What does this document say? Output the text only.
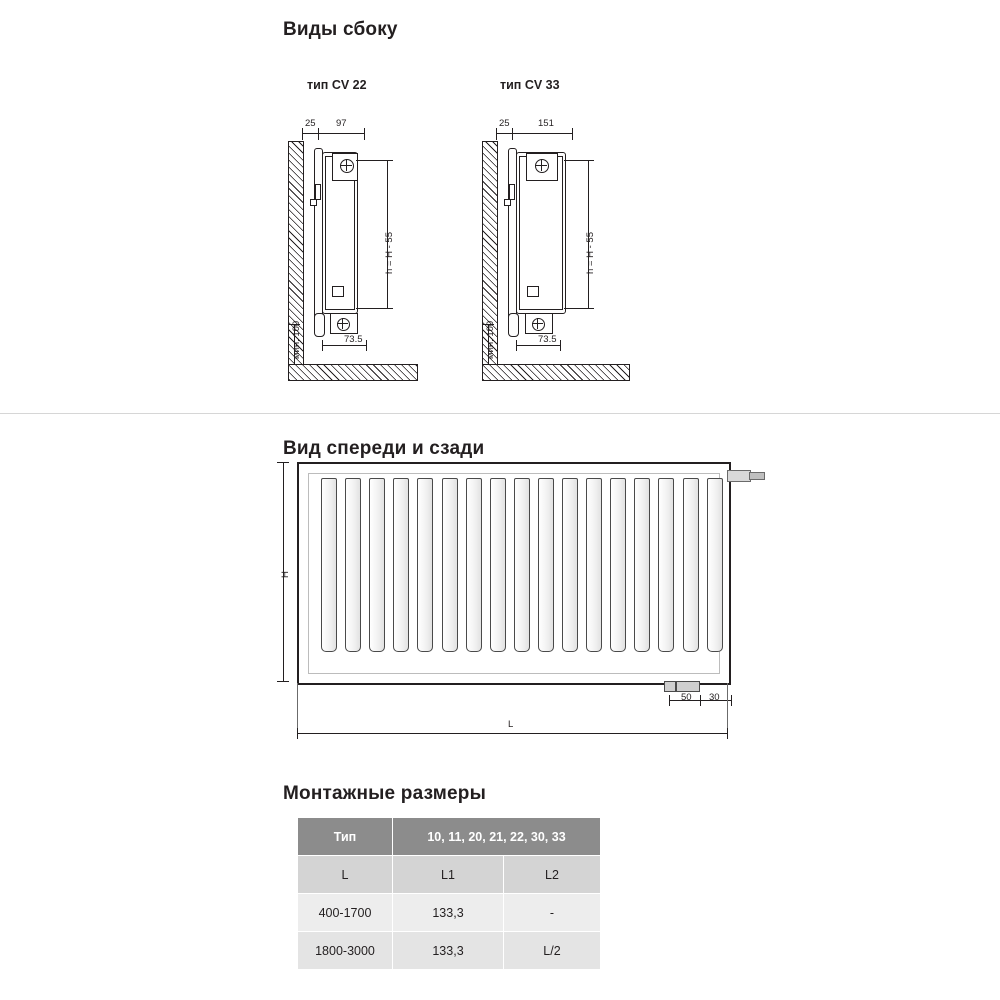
Виды сбоку
тип CV 22	тип CV 33
25 97
h = H - 55
мин. 100	73.5
25	151
h = H - 55
мин. 100	73.5
Вид спереди и сзади
H
50 30
L
Монтажные размеры
Тип	10, 11, 20, 21, 22, 30, 33	
L	L1	L2
400-1700	133,3	-
1800-3000	133,3	L/2
